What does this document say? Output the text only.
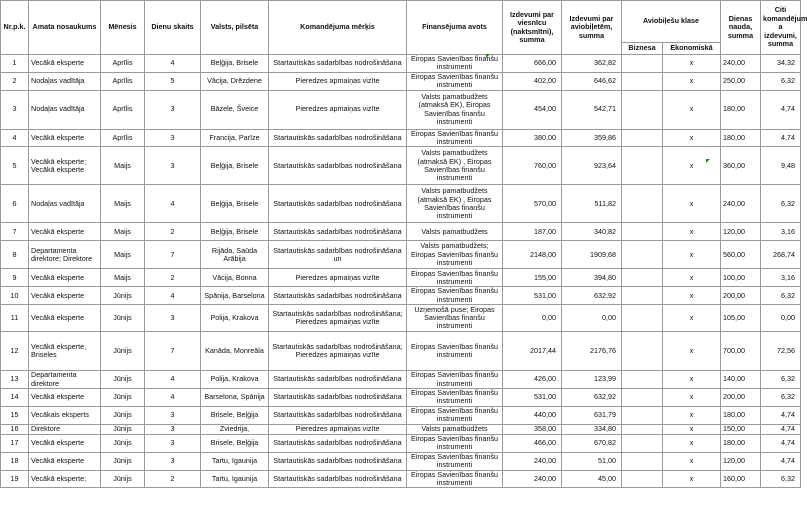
Nr.p.k.	Amata nosaukums	Mēnesis	Dienu skaits	Valsts, pilsēta	Komandējuma mērķis	Finansējuma avots	Izdevumi par viesnīcu (naktsmītni), summa	Izdevumi par aviobiļetēm, summa	Aviobiļešu klase		Dienas nauda, summa	Citi komandējum a izdevumi, summa
									Biznesa	Ekonomiskā		
1	Vecākā eksperte	Aprīlis	4	Beļģija, Brisele	Startautiskās sadarbības nodrošināšana	Eiropas Savienības finanšu instrumenti	666,00	362,82		x	240,00	34,32
2	Nodaļas vadītāja	Aprīlis	5	Vācija, Drēzdene	Pieredzes apmaiņas vizīte	Eiropas Savienības finanšu instrumenti	402,00	646,62		x	250,00	6,32
3	Nodaļas vadītāja	Aprīlis	3	Bāzele, Šveice	Pieredzes apmaiņas vizīte	Valsts pamatbudžets (atmaksā EK), Eiropas Savienības finanšu instrumenti	454,00	542,71		x	180,00	4,74
4	Vecākā eksperte	Aprīlis	3	Francija, Parīze	Startautiskās sadarbības nodrošināšana	Eiropas Savienības finanšu instrumenti	380,00	359,86		x	180,00	4,74
5	Vecākā eksperte; Vecākā eksperte	Maijs	3	Beļģija, Brisele	Startautiskās sadarbības nodrošināšana	Valsts pamatbudžets (atmaksā EK) , Eiropas Savienības finanšu instrumenti	760,00	923,64		x	360,00	9,48
6	Nodaļas vadītāja	Maijs	4	Beļģija, Brisele	Startautiskās sadarbības nodrošināšana	Valsts pamatbudžets (atmaksā EK) , Eiropas Savienības finanšu instrumenti	570,00	511,82		x	240,00	6,32
7	Vecākā eksperte	Maijs	2	Beļģija, Brisele	Startautiskās sadarbības nodrošināšana	Valsts pamatbudžets	187,00	340,82		x	120,00	3,16
8	Departamenta direktore; Direktore	Maijs	7	Rijāda, Saūda Arābija	Startautiskās sadarbības nodrošināšana un	Valsts pamatbudžets; Eiropas Savienības finanšu instrumenti	2148,00	1909,68		x	560,00	268,74
9	Vecākā eksperte	Maijs	2	Vācija, Bonna	Pieredzes apmaiņas vizīte	Eiropas Savienības finanšu instrumenti	155,00	394,80		x	100,00	3,16
10	Vecākā eksperte	Jūnijs	4	Spānija, Barselona	Startautiskās sadarbības nodrošināšana	Eiropas Savienības finanšu instrumenti	531,00	632,92		x	200,00	6,32
11	Vecākā eksperte	Jūnijs	3	Polija, Krakova	Startautiskās sadarbības nodrošināšana; Pieredzes apmaiņas vizīte	Uzņemošā puse; Eiropas Savienības finanšu instrumenti	0,00	0,00		x	105,00	0,00
12	Vecākā eksperte, Briseles	Jūnijs	7	Kanāda, Monreāla	Startautiskās sadarbības nodrošināšana; Pieredzes apmaiņas vizīte	Eiropas Savienības finanšu instrumenti	2017,44	2176,76		x	700,00	72,56
13	Departamenta direktore	Jūnijs	4	Polija, Krakova	Startautiskās sadarbības nodrošināšana	Eiropas Savienības finanšu instrumenti	426,00	123,99		x	140,00	6,32
14	Vecākā eksperte	Jūnijs	4	Barselona, Spānija	Startautiskās sadarbības nodrošināšana	Eiropas Savienības finanšu instrumenti	531,00	632,92		x	200,00	6,32
15	Vecākais eksperts	Jūnijs	3	Brisele, Beļģija	Startautiskās sadarbības nodrošināšana	Eiropas Savienības finanšu instrumenti	440,00	631,79		x	180,00	4,74
16	Direktore	Jūnijs	3	Zviedrija,	Pieredzes apmaiņas vizīte	Valsts pamatbudžets	358,00	334,80		x	150,00	4,74
17	Vecākā eksperte	Jūnijs	3	Brisele, Beļģija	Startautiskās sadarbības nodrošināšana	Eiropas Savienības finanšu instrumenti	466,00	670,82		x	180,00	4,74
18	Vecākā eksperte	Jūnijs	3	Tartu, Igaunija	Startautiskās sadarbības nodrošināšana	Eiropas Savienības finanšu instrumenti	240,00	51,00		x	120,00	4,74
19	Vecākā eksperte;	Jūnijs	2	Tartu, Igaunija	Startautiskās sadarbības nodrošināšana	Eiropas Savienības finanšu instrumenti	240,00	45,00		x	160,00	6,32
